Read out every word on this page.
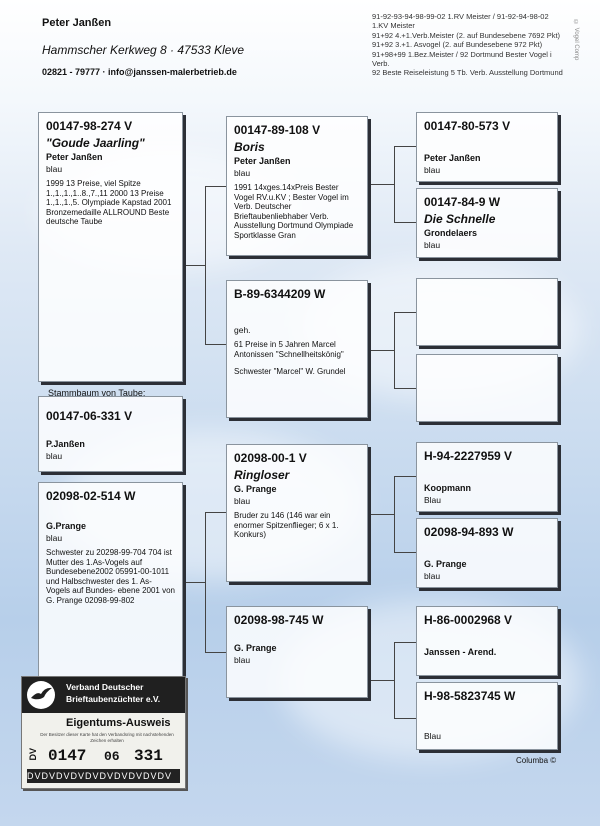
Peter Janßen
Hammscher Kerkweg 8 · 47533 Kleve
02821 - 79777 · info@janssen-malerbetrieb.de

91-92-93-94-98-99-02 1.RV Meister / 91-92-94-98-02 1.KV Meister

91+92 4.+1.Verb.Meister (2. auf Bundesebene 7692 Pkt)

91+92 3.+1. Asvogel (2. auf Bundesebene 972 Pkt)

91+98+99 1.Bez.Meister / 92 Dortmund Bester Vogel i Verb.

92 Beste Reiseleistung 5 Tb. Verb. Ausstellung Dortmund

© Vogel Comp
00147-98-274 V
"Goude Jaarling"
Peter Janßen
blau
1999 13 Preise, viel Spitze 1.,1.,1.,1..8.,7.,11 2000 13 Preise 1.,1.,1.,5. Olympiade Kapstad 2001 Bronzemedaille ALLROUND Beste deutsche Taube
00147-06-331 V
P.Janßen
blau
Stammbaum von Taube:
00147-89-108 V
Boris
Peter Janßen
blau
1991 14xges.14xPreis Bester Vogel RV.u.KV ; Bester Vogel im Verb. Deutscher Brieftaubenliebhaber Verb. Ausstellung Dortmund Olympiade Sportklasse Gran
B-89-6344209 W
geh.
61 Preise in 5 Jahren Marcel Antonissen "Schnellheitskönig"
Schwester "Marcel" W. Grundel
00147-80-573 V
Peter Janßen
blau
00147-84-9 W
Die Schnelle
Grondelaers
blau
02098-02-514 W
G.Prange
blau
Schwester zu 20298-99-704 704 ist Mutter des 1.As-Vogels auf Bundesebene2002 05991-00-1011 und Halbschwester des 1. As-Vogels auf Bundes- ebene 2001 von G. Prange 02098-99-802
02098-00-1 V
Ringloser
G. Prange
blau
Bruder zu 146 (146 war ein enormer Spitzenflieger; 6 x 1. Konkurs)
02098-98-745 W
G. Prange
blau
H-94-2227959 V
Koopmann
Blau
02098-94-893 W
G. Prange
blau
H-86-0002968 V
Janssen - Arend.
H-98-5823745 W
Blau
Columba ©
Verband Deutscher
Brieftaubenzüchter e.V.
Eigentums-Ausweis
Der Besitzer dieser Karte hat den Verbandsring mit nachstehenden Zeichen erhalten
DV 0147 06 331
DVDVDVDVDVDVDVDVDVDV
